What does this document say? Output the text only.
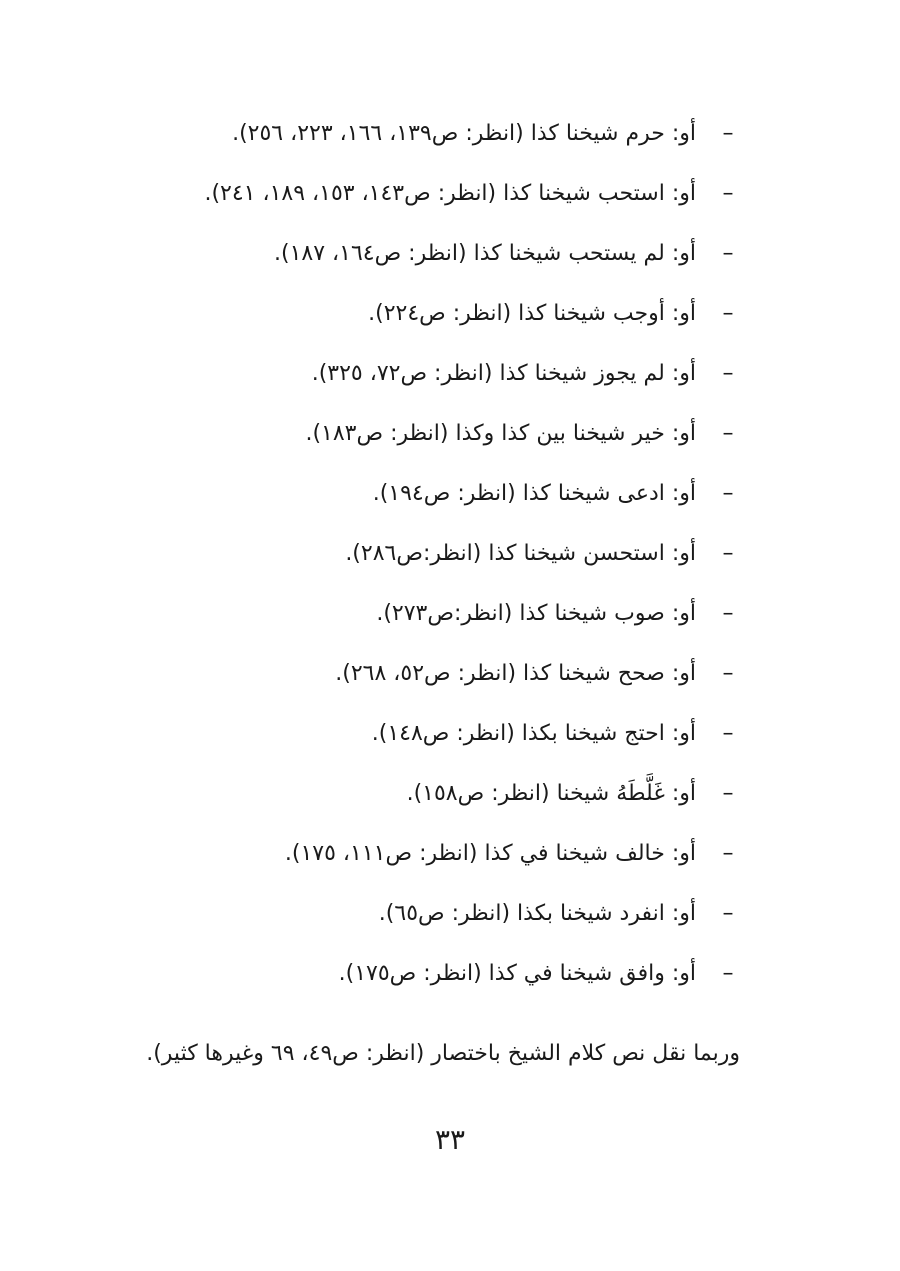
–أو: حرم شيخنا كذا (انظر: ص١٣٩، ١٦٦، ٢٢٣، ٢٥٦).
–أو: استحب شيخنا كذا (انظر: ص١٤٣، ١٥٣، ١٨٩، ٢٤١).
–أو: لم يستحب شيخنا كذا (انظر: ص١٦٤، ١٨٧).
–أو: أوجب شيخنا كذا (انظر: ص٢٢٤).
–أو: لم يجوز شيخنا كذا (انظر: ص٧٢، ٣٢٥).
–أو: خير شيخنا بين كذا وكذا (انظر: ص١٨٣).
–أو: ادعى شيخنا كذا (انظر: ص١٩٤).
–أو: استحسن شيخنا كذا (انظر:ص٢٨٦).
–أو: صوب شيخنا كذا (انظر:ص٢٧٣).
–أو: صحح شيخنا كذا (انظر: ص٥٢، ٢٦٨).
–أو: احتج شيخنا بكذا (انظر: ص١٤٨).
–أو: غَلَّطَهُ شيخنا (انظر: ص١٥٨).
–أو: خالف شيخنا في كذا (انظر: ص١١١، ١٧٥).
–أو: انفرد شيخنا بكذا (انظر: ص٦٥).
–أو: وافق شيخنا في كذا (انظر: ص١٧٥).

وربما نقل نص كلام الشيخ باختصار (انظر: ص٤٩، ٦٩ وغيرها كثير).

٣٣
